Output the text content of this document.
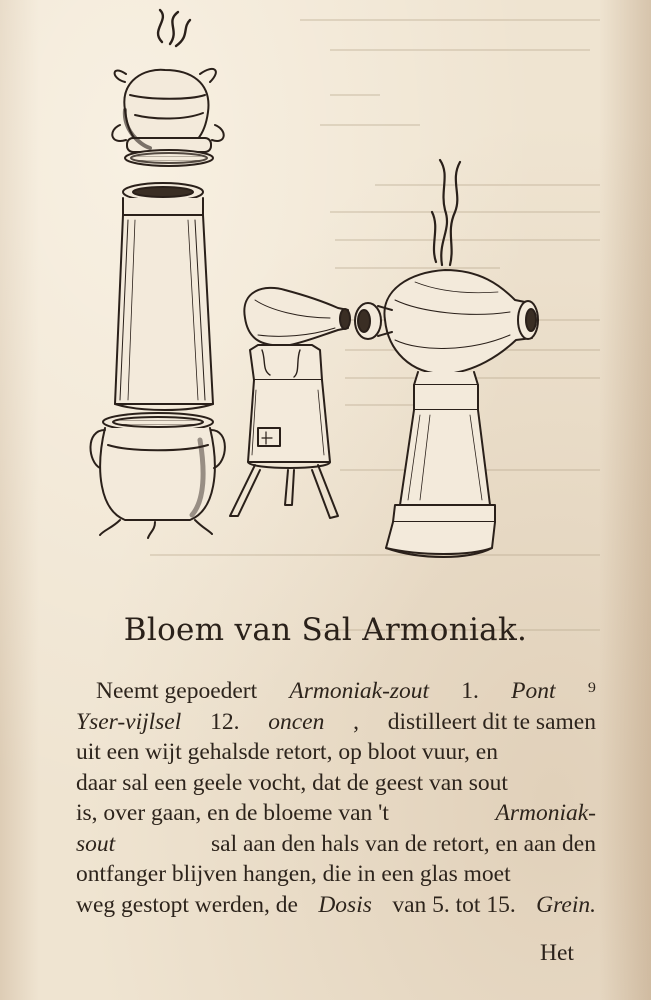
Bloem van Sal Armoniak.
Neemt gepoedert Armoniak-zout 1. Pont ⁹
Yser-vijlsel 12. oncen , distilleert dit te samen
uit een wijt gehalsde retort, op bloot vuur, en
daar sal een geele vocht, dat de geest van sout
is, over gaan, en de bloeme van 't	Armoniak-
sout	sal aan den hals van de retort, en aan den
ontfanger blijven hangen, die in een glas moet
weg gestopt werden, de Dosis van 5. tot 15. Grein.
Het
